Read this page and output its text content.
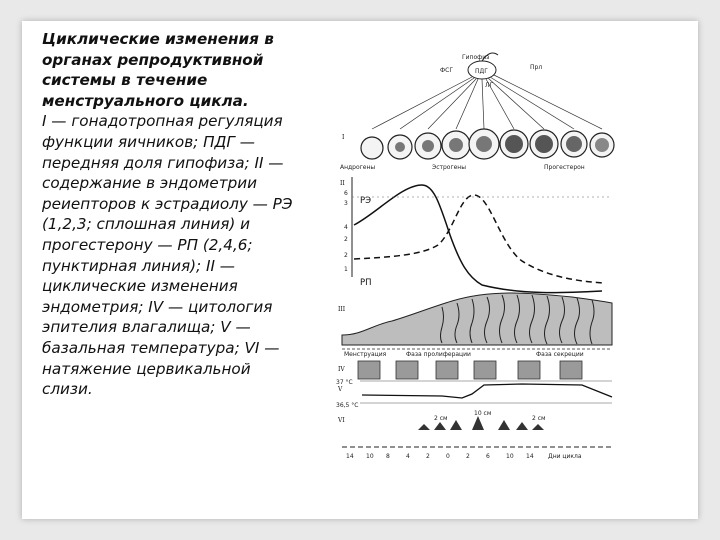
Циклические изменения в органах репродуктивной системы в течение менструального цикла.
I — гонадотропная регуляция функции яичников; ПДГ — передняя доля гипофиза; II — содержание в эндометрии реиепторов к эстрадиолу — РЭ (1,2,3; сплошная линия) и прогестерону — РП (2,4,6; пунктирная линия); II — циклические изменения эндометрия; IV — цитология эпителия влагалища; V — базальная температура; VI — натяжение цервикальной слизи.
I
Гипофиз
ФСГ	ПДГ
ЛГ
Прл
Андрогены	Эстрогены	Прогестерон
II
6
3
4
2
2
1
РЭ
РП
III
Менструация	Фаза пролиферации	Фаза секреции
IV
V
37 °C
36,5 °C
VI	2 см
10 см
2 см
14 10 8	4	2	0	2	6	10 14 Дни цикла
